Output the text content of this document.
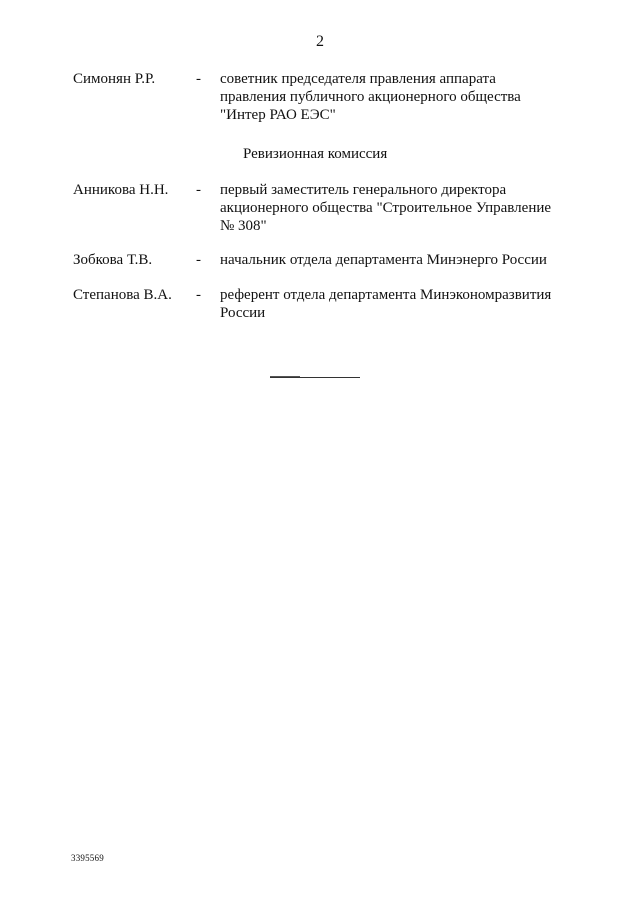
2
Симонян Р.Р.	- советник председателя правления аппарата
правления публичного акционерного общества
"Интер РАО ЕЭС"
Ревизионная комиссия
Анникова Н.Н. - первый заместитель генерального директора
акционерного общества "Строительное Управление
№ 308"
Зобкова Т.В.	- начальник отдела департамента Минэнерго России
Степанова В.А. - референт отдела департамента Минэкономразвития
России
3395569
